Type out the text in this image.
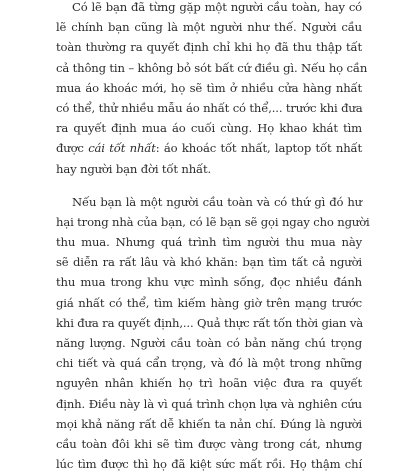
Có lẽ bạn đã từng gặp một người cầu toàn, hay có
lẽ chính bạn cũng là một người như thế. Người cầu
toàn thường ra quyết định chỉ khi họ đã thu thập tất
cả thông tin – không bỏ sót bất cứ điều gì. Nếu họ cần
mua áo khoác mới, họ sẽ tìm ở nhiều cửa hàng nhất
có thể, thử nhiều mẫu áo nhất có thể,... trước khi đưa
ra quyết định mua áo cuối cùng. Họ khao khát tìm
được cái tốt nhất: áo khoác tốt nhất, laptop tốt nhất
hay người bạn đời tốt nhất.
Nếu bạn là một người cầu toàn và có thứ gì đó hư
hại trong nhà của bạn, có lẽ bạn sẽ gọi ngay cho người
thu mua. Nhưng quá trình tìm người thu mua này
sẽ diễn ra rất lâu và khó khăn: bạn tìm tất cả người
thu mua trong khu vực mình sống, đọc nhiều đánh
giá nhất có thể, tìm kiếm hàng giờ trên mạng trước
khi đưa ra quyết định,... Quả thực rất tốn thời gian và
năng lượng. Người cầu toàn có bản năng chú trọng
chi tiết và quá cẩn trọng, và đó là một trong những
nguyên nhân khiến họ trì hoãn việc đưa ra quyết
định. Điều này là vì quá trình chọn lựa và nghiên cứu
mọi khả năng rất dễ khiến ta nản chí. Đúng là người
cầu toàn đôi khi sẽ tìm được vàng trong cát, nhưng
lúc tìm được thì họ đã kiệt sức mất rồi. Họ thậm chí
